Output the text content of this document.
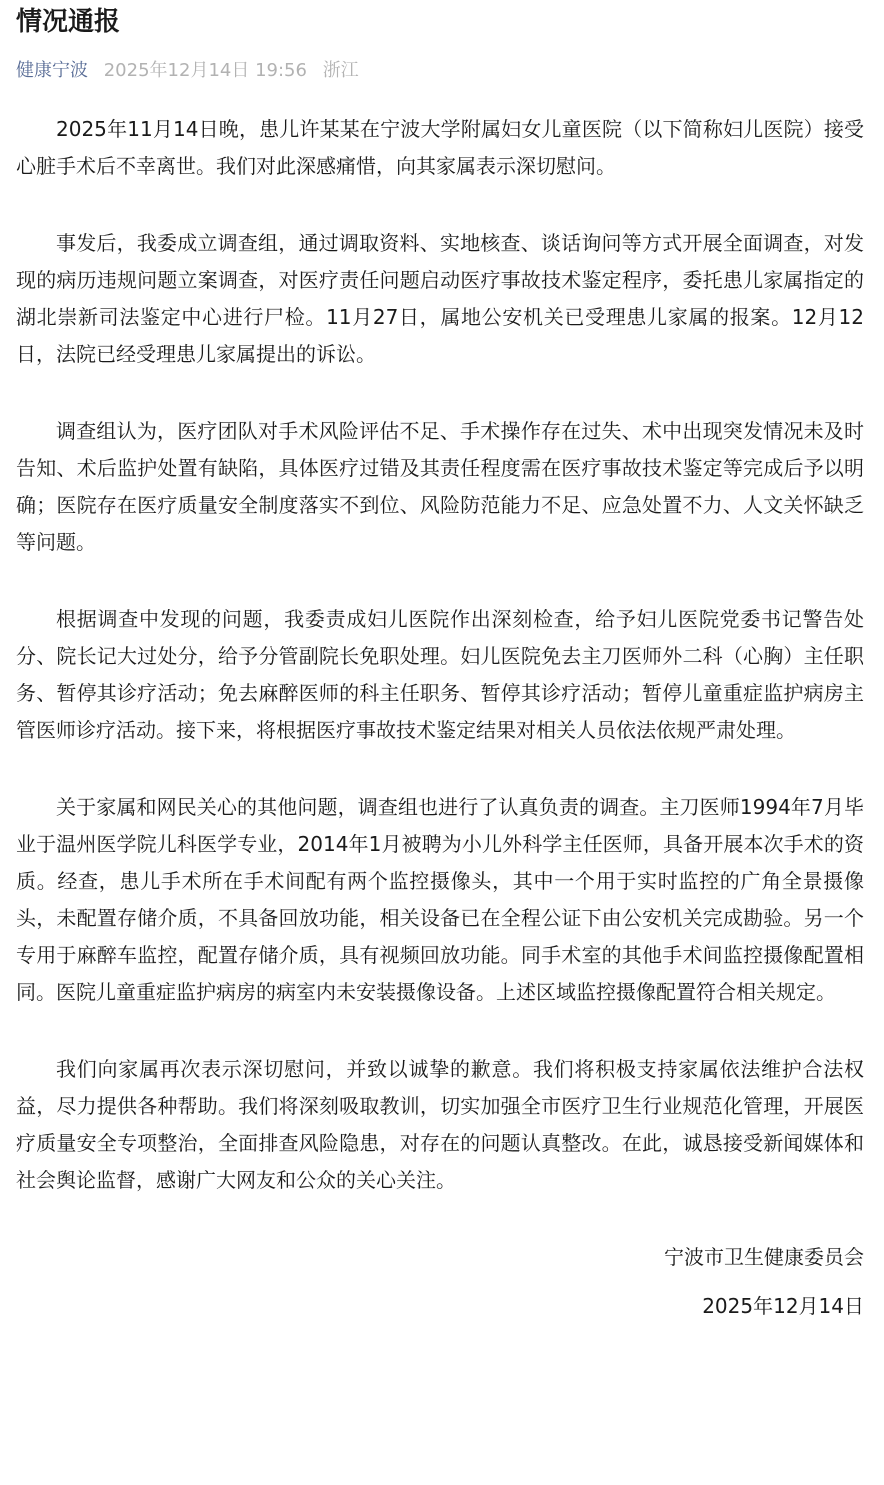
情况通报
健康宁波 2025年12月14日 19:56 浙江

2025年11月14日晚，患儿许某某在宁波大学附属妇女儿童医院（以下简称妇儿医院）接受心脏手术后不幸离世。我们对此深感痛惜，向其家属表示深切慰问。

事发后，我委成立调查组，通过调取资料、实地核查、谈话询问等方式开展全面调查，对发现的病历违规问题立案调查，对医疗责任问题启动医疗事故技术鉴定程序，委托患儿家属指定的湖北崇新司法鉴定中心进行尸检。11月27日，属地公安机关已受理患儿家属的报案。12月12日，法院已经受理患儿家属提出的诉讼。

调查组认为，医疗团队对手术风险评估不足、手术操作存在过失、术中出现突发情况未及时告知、术后监护处置有缺陷，具体医疗过错及其责任程度需在医疗事故技术鉴定等完成后予以明确；医院存在医疗质量安全制度落实不到位、风险防范能力不足、应急处置不力、人文关怀缺乏等问题。

根据调查中发现的问题，我委责成妇儿医院作出深刻检查，给予妇儿医院党委书记警告处分、院长记大过处分，给予分管副院长免职处理。妇儿医院免去主刀医师外二科（心胸）主任职务、暂停其诊疗活动；免去麻醉医师的科主任职务、暂停其诊疗活动；暂停儿童重症监护病房主管医师诊疗活动。接下来，将根据医疗事故技术鉴定结果对相关人员依法依规严肃处理。

关于家属和网民关心的其他问题，调查组也进行了认真负责的调查。主刀医师1994年7月毕业于温州医学院儿科医学专业，2014年1月被聘为小儿外科学主任医师，具备开展本次手术的资质。经查，患儿手术所在手术间配有两个监控摄像头，其中一个用于实时监控的广角全景摄像头，未配置存储介质，不具备回放功能，相关设备已在全程公证下由公安机关完成勘验。另一个专用于麻醉车监控，配置存储介质，具有视频回放功能。同手术室的其他手术间监控摄像配置相同。医院儿童重症监护病房的病室内未安装摄像设备。上述区域监控摄像配置符合相关规定。

我们向家属再次表示深切慰问，并致以诚挚的歉意。我们将积极支持家属依法维护合法权益，尽力提供各种帮助。我们将深刻吸取教训，切实加强全市医疗卫生行业规范化管理，开展医疗质量安全专项整治，全面排查风险隐患，对存在的问题认真整改。在此，诚恳接受新闻媒体和社会舆论监督，感谢广大网友和公众的关心关注。

宁波市卫生健康委员会
2025年12月14日
